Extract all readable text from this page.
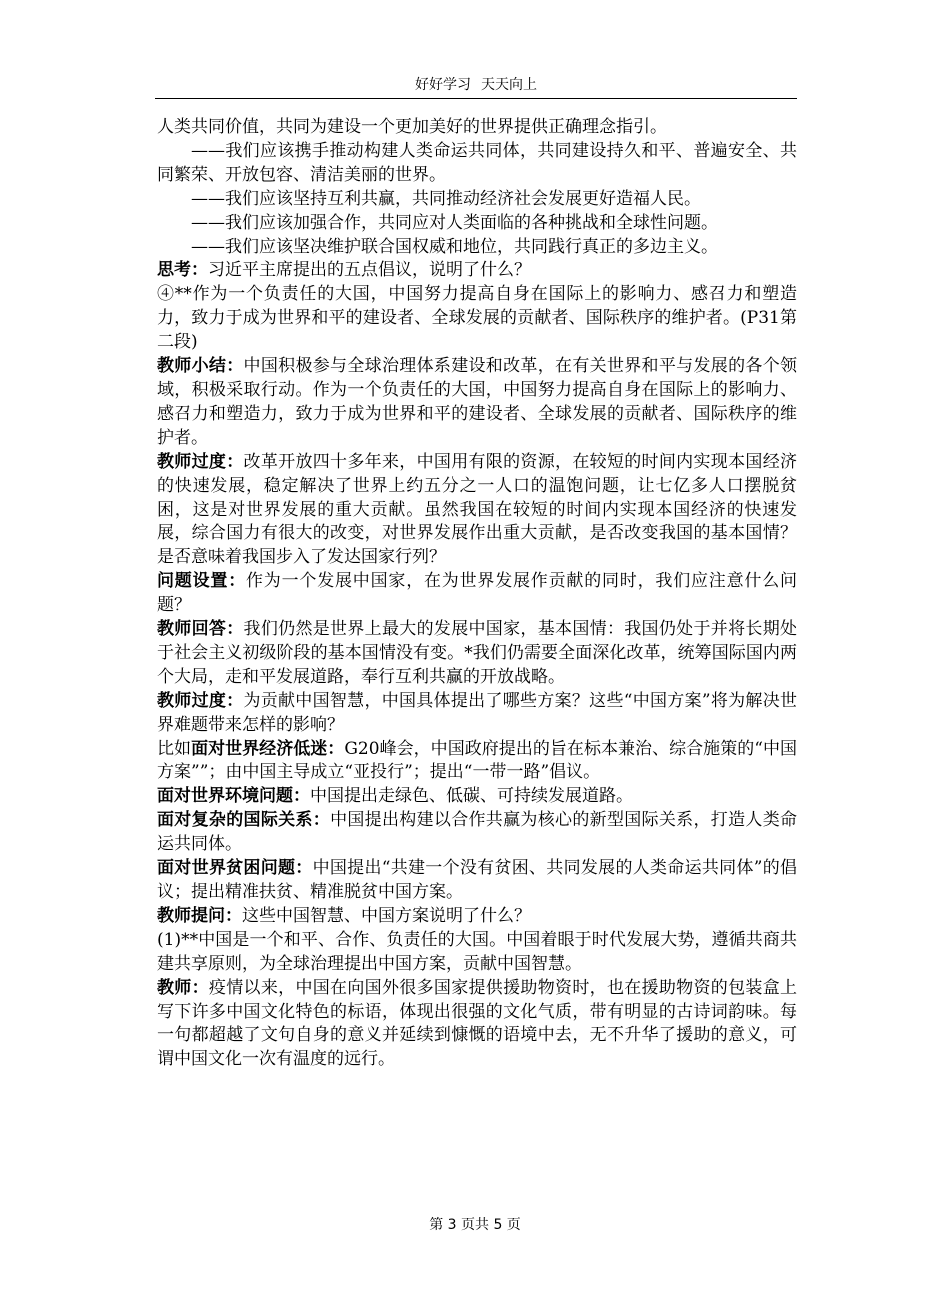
好好学习 天天向上

人类共同价值，共同为建设一个更加美好的世界提供正确理念指引。

——我们应该携手推动构建人类命运共同体，共同建设持久和平、普遍安全、共同繁荣、开放包容、清洁美丽的世界。

——我们应该坚持互利共赢，共同推动经济社会发展更好造福人民。

——我们应该加强合作，共同应对人类面临的各种挑战和全球性问题。

——我们应该坚决维护联合国权威和地位，共同践行真正的多边主义。

思考：习近平主席提出的五点倡议，说明了什么？

④**作为一个负责任的大国，中国努力提高自身在国际上的影响力、感召力和塑造力，致力于成为世界和平的建设者、全球发展的贡献者、国际秩序的维护者。(P31第二段)

教师小结：中国积极参与全球治理体系建设和改革，在有关世界和平与发展的各个领域，积极采取行动。作为一个负责任的大国，中国努力提高自身在国际上的影响力、感召力和塑造力，致力于成为世界和平的建设者、全球发展的贡献者、国际秩序的维护者。

教师过度：改革开放四十多年来，中国用有限的资源，在较短的时间内实现本国经济的快速发展，稳定解决了世界上约五分之一人口的温饱问题，让七亿多人口摆脱贫困，这是对世界发展的重大贡献。虽然我国在较短的时间内实现本国经济的快速发展，综合国力有很大的改变，对世界发展作出重大贡献，是否改变我国的基本国情？是否意味着我国步入了发达国家行列？

问题设置：作为一个发展中国家，在为世界发展作贡献的同时，我们应注意什么问题？

教师回答：我们仍然是世界上最大的发展中国家，基本国情：我国仍处于并将长期处于社会主义初级阶段的基本国情没有变。*我们仍需要全面深化改革，统筹国际国内两个大局，走和平发展道路，奉行互利共赢的开放战略。

教师过度：为贡献中国智慧，中国具体提出了哪些方案？这些“中国方案”将为解决世界难题带来怎样的影响？

比如面对世界经济低迷：G20峰会，中国政府提出的旨在标本兼治、综合施策的“中国方案””；由中国主导成立“亚投行”；提出“一带一路”倡议。

面对世界环境问题：中国提出走绿色、低碳、可持续发展道路。

面对复杂的国际关系：中国提出构建以合作共赢为核心的新型国际关系，打造人类命运共同体。

面对世界贫困问题：中国提出“共建一个没有贫困、共同发展的人类命运共同体”的倡议；提出精准扶贫、精准脱贫中国方案。

教师提问：这些中国智慧、中国方案说明了什么？

(1)**中国是一个和平、合作、负责任的大国。中国着眼于时代发展大势，遵循共商共建共享原则，为全球治理提出中国方案，贡献中国智慧。

教师：疫情以来，中国在向国外很多国家提供援助物资时，也在援助物资的包装盒上写下许多中国文化特色的标语，体现出很强的文化气质，带有明显的古诗词韵味。每一句都超越了文句自身的意义并延续到慷慨的语境中去，无不升华了援助的意义，可谓中国文化一次有温度的远行。

第 3 页共 5 页
